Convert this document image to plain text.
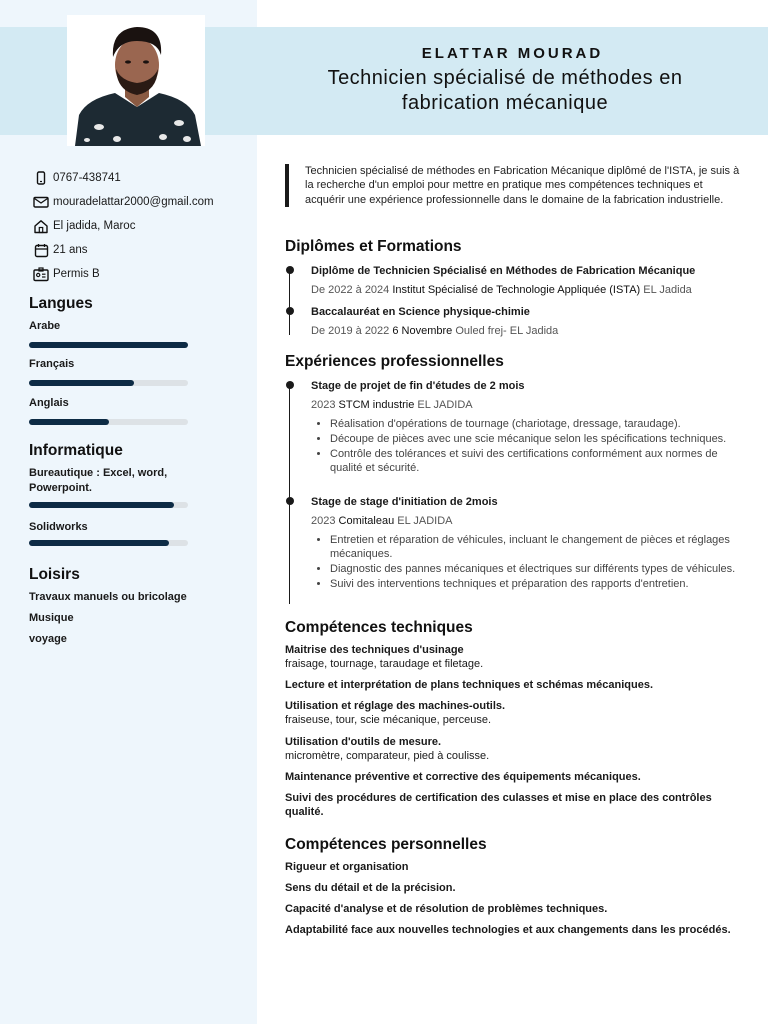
ELATTAR MOURAD
Technicien spécialisé de méthodes en fabrication mécanique
0767-438741
mouradelattar2000@gmail.com
El jadida, Maroc
21 ans
Permis B
Langues
Arabe
Français
Anglais
Informatique
Bureautique : Excel, word, Powerpoint.
Solidworks
Loisirs
Travaux manuels ou bricolage
Musique
voyage
Technicien spécialisé de méthodes en Fabrication Mécanique diplômé de l'ISTA, je suis à la recherche d'un emploi pour mettre en pratique mes compétences techniques et acquérir une expérience professionnelle dans le domaine de la fabrication industrielle.
Diplômes et Formations
Diplôme de Technicien Spécialisé en Méthodes de Fabrication Mécanique
De 2022 à 2024 Institut Spécialisé de Technologie Appliquée (ISTA) EL Jadida
Baccalauréat en Science physique-chimie
De 2019 à 2022 6 Novembre Ouled frej- EL Jadida
Expériences professionnelles
Stage de projet de fin d'études de 2 mois
2023 STCM industrie EL JADIDA
• Réalisation d'opérations de tournage (chariotage, dressage, taraudage).
• Découpe de pièces avec une scie mécanique selon les spécifications techniques.
• Contrôle des tolérances et suivi des certifications conformément aux normes de qualité et sécurité.
Stage de stage d'initiation de 2mois
2023 Comitaleau EL JADIDA
• Entretien et réparation de véhicules, incluant le changement de pièces et réglages mécaniques.
• Diagnostic des pannes mécaniques et électriques sur différents types de véhicules.
• Suivi des interventions techniques et préparation des rapports d'entretien.
Compétences techniques
Maitrise des techniques d'usinage
fraisage, tournage, taraudage et filetage.
Lecture et interprétation de plans techniques et schémas mécaniques.
Utilisation et réglage des machines-outils.
fraiseuse, tour, scie mécanique, perceuse.
Utilisation d'outils de mesure.
micromètre, comparateur, pied à coulisse.
Maintenance préventive et corrective des équipements mécaniques.
Suivi des procédures de certification des culasses et mise en place des contrôles qualité.
Compétences personnelles
Rigueur et organisation
Sens du détail et de la précision.
Capacité d'analyse et de résolution de problèmes techniques.
Adaptabilité face aux nouvelles technologies et aux changements dans les procédés.
